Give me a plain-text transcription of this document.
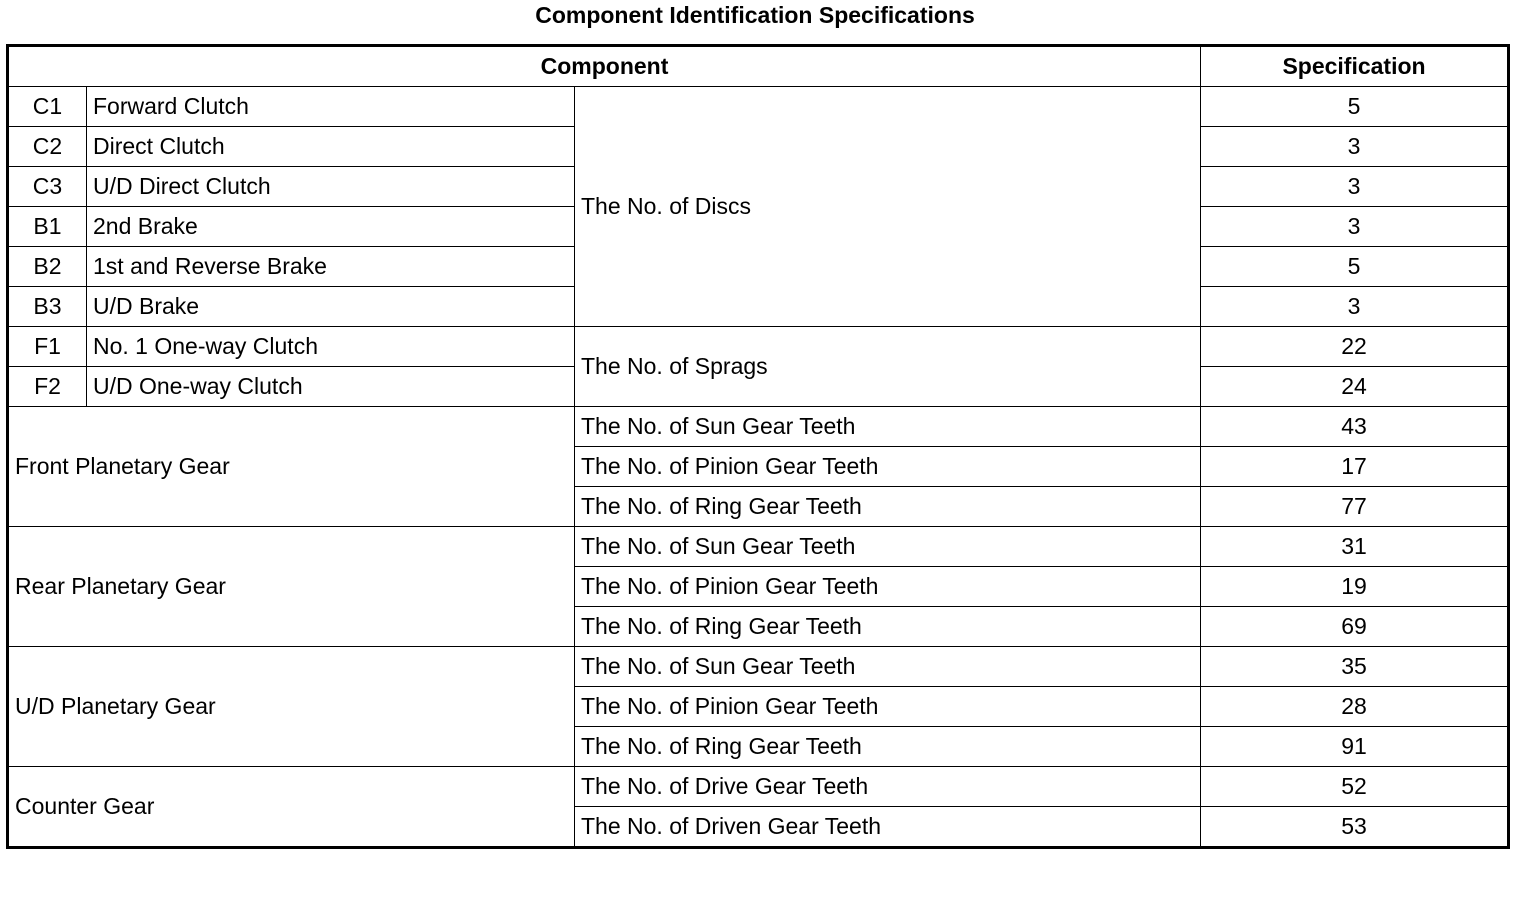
Component Identification Specifications
Component			Specification
C1	Forward Clutch	The No. of Discs	5
C2	Direct Clutch		3
C3	U/D Direct Clutch		3
B1	2nd Brake		3
B2	1st and Reverse Brake		5
B3	U/D Brake		3
F1	No. 1 One-way Clutch	The No. of Sprags	22
F2	U/D One-way Clutch		24
Front Planetary Gear		The No. of Sun Gear Teeth	43
		The No. of Pinion Gear Teeth	17
		The No. of Ring Gear Teeth	77
Rear Planetary Gear		The No. of Sun Gear Teeth	31
		The No. of Pinion Gear Teeth	19
		The No. of Ring Gear Teeth	69
U/D Planetary Gear		The No. of Sun Gear Teeth	35
		The No. of Pinion Gear Teeth	28
		The No. of Ring Gear Teeth	91
Counter Gear		The No. of Drive Gear Teeth	52
		The No. of Driven Gear Teeth	53
